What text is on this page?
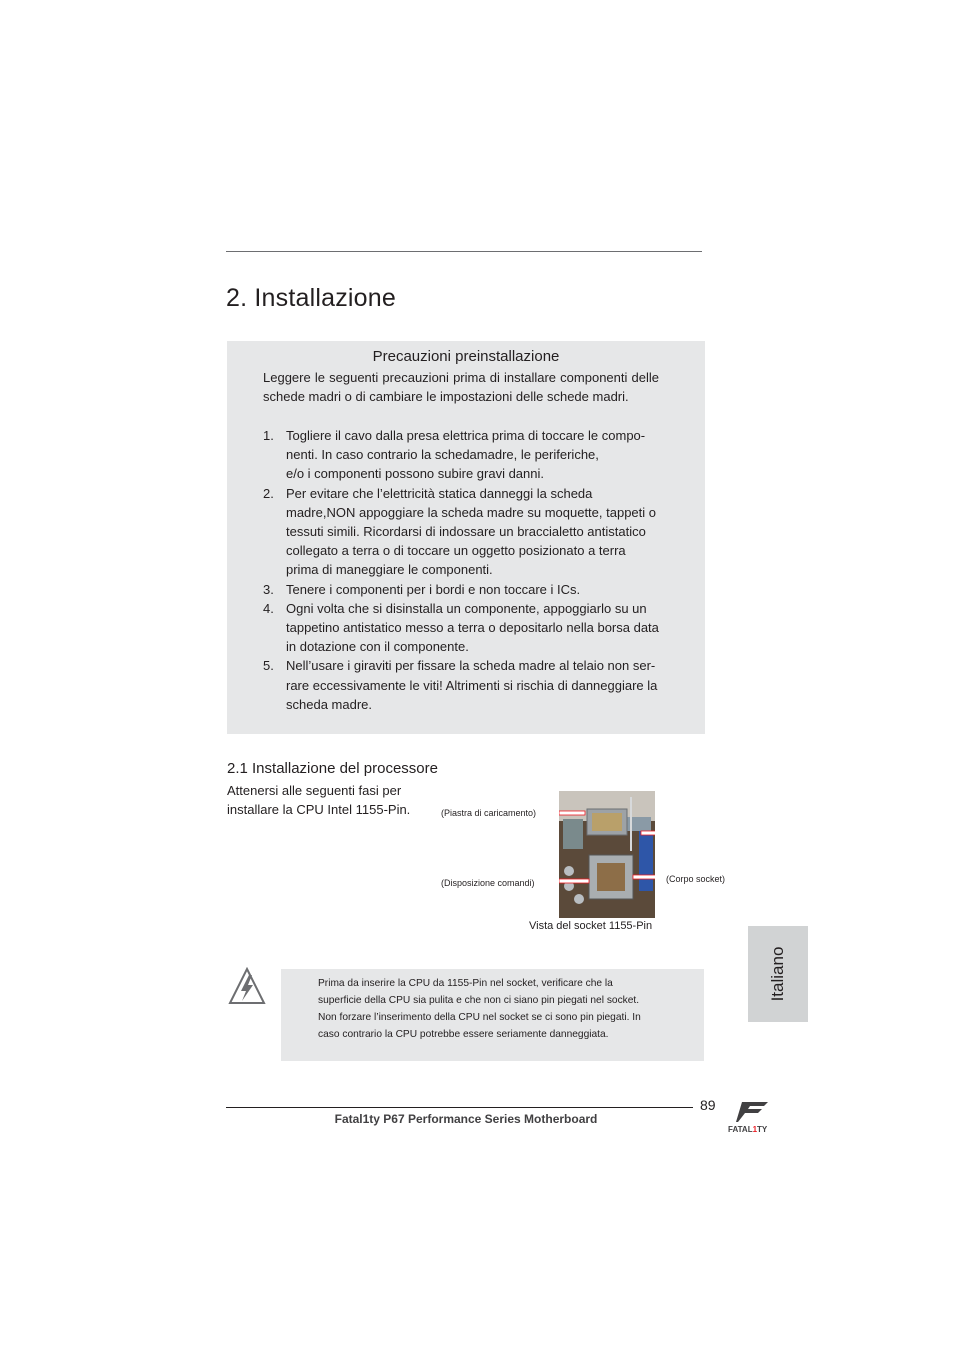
2. Installazione
Precauzioni preinstallazione
Leggere le seguenti precauzioni prima di installare componenti delle schede madri o di cambiare le impostazioni delle schede madri.
1. Togliere il cavo dalla presa elettrica prima di toccare le compo-
nenti. In caso contrario la schedamadre, le periferiche,
e/o i componenti possono subire gravi danni.
2. Per evitare che l’elettricità statica danneggi la scheda madre,NON appoggiare la scheda madre su moquette, tappeti o tessuti simili. Ricordarsi di indossare un braccialetto antistatico collegato a terra o di toccare un oggetto posizionato a terra prima di maneggiare le componenti.
3. Tenere i componenti per i bordi e non toccare i ICs.
4. Ogni volta che si disinstalla un componente, appoggiarlo su un tappetino antistatico messo a terra o depositarlo nella borsa data in dotazione con il componente.
5. Nell’usare i giraviti per fissare la scheda madre al telaio non ser-
rare eccessivamente le viti! Altrimenti si rischia di danneggiare la scheda madre.
2.1 Installazione del processore
Attenersi alle seguenti fasi per installare la CPU Intel 1155-Pin.	(Piastra di caricamento)
(Disposizione comandi)	(Corpo socket)
Vista del socket 1155-Pin
Italiano
Prima da inserire la CPU da 1155-Pin nel socket, verificare che la superficie della CPU sia pulita e che non ci siano pin piegati nel socket. Non forzare l’inserimento della CPU nel socket se ci sono pin piegati. In caso contrario la CPU potrebbe essere seriamente danneggiata.
89
Fatal1ty P67 Performance Series Motherboard
FATAL1TY
